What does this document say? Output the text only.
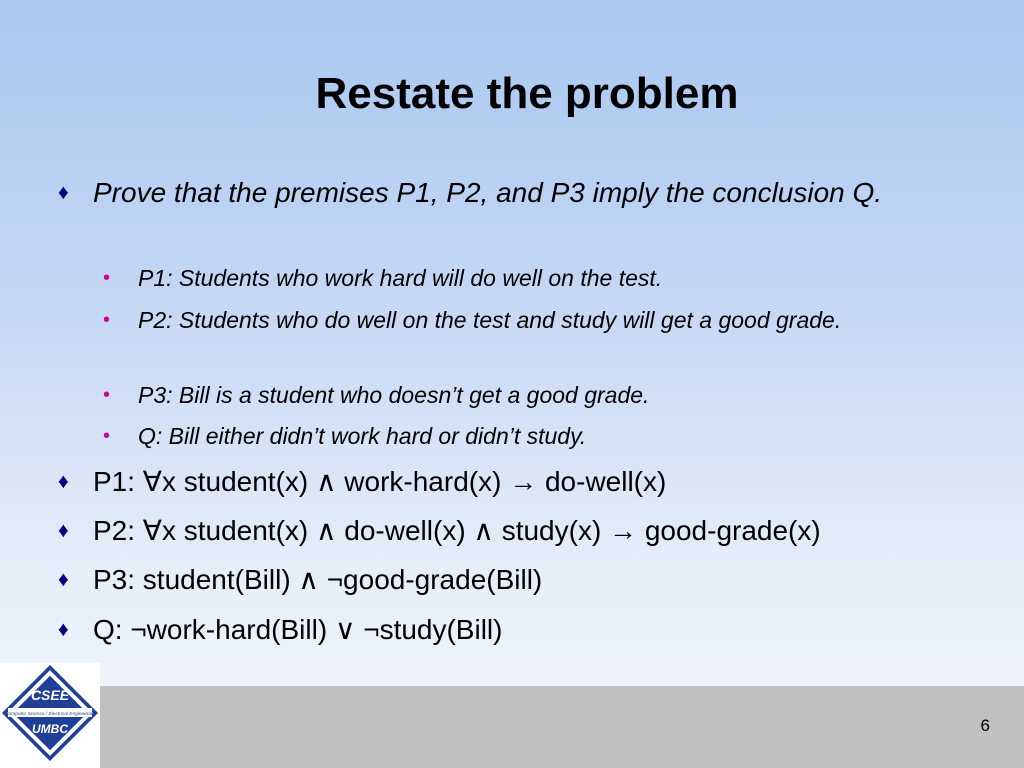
Restate the problem
♦ Prove that the premises P1, P2, and P3 imply the conclusion Q.
• P1: Students who work hard will do well on the test.
• P2: Students who do well on the test and study will get a good grade.
• P3: Bill is a student who doesn’t get a good grade.
• Q: Bill either didn’t work hard or didn’t study.
♦ P1: ∀x student(x) ∧ work-hard(x) → do-well(x)
♦ P2: ∀x student(x) ∧ do-well(x) ∧ study(x) → good-grade(x)
♦ P3: student(Bill) ∧ ¬good-grade(Bill)
♦ Q: ¬work-hard(Bill) ∨ ¬study(Bill)
CSEE
Computer Science / Electrical Engineering
UMBC	6
